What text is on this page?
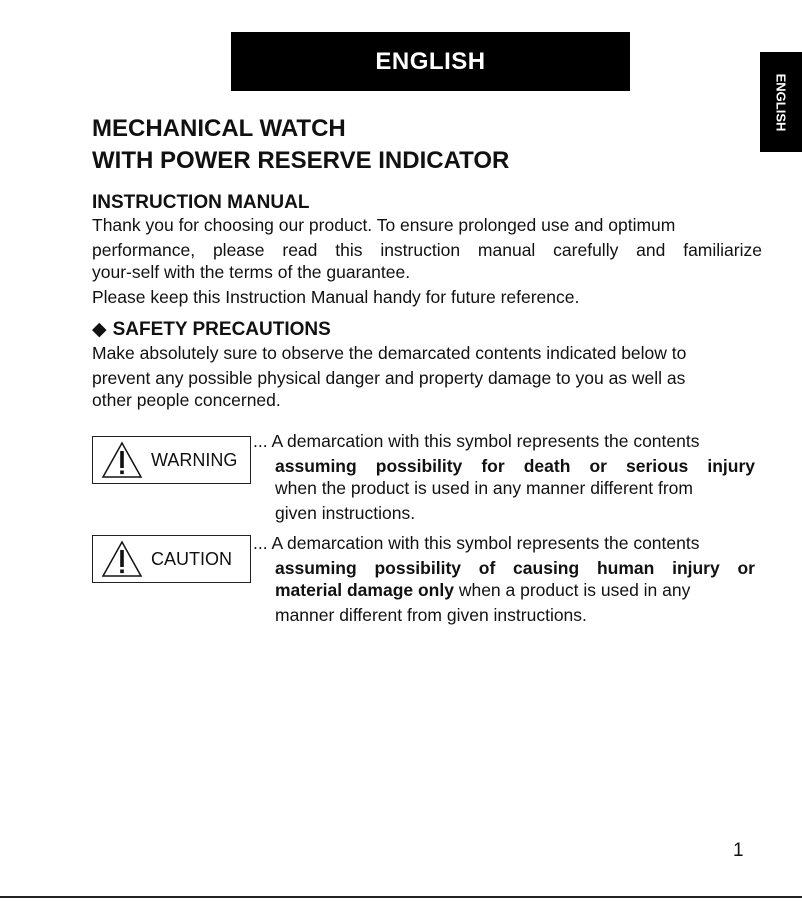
ENGLISH
ENGLISH
MECHANICAL WATCH
WITH POWER RESERVE INDICATOR
INSTRUCTION MANUAL
Thank you for choosing our product. To ensure prolonged use and optimum
performance, please read this instruction manual carefully and familiarize
your-self with the terms of the guarantee.
Please keep this Instruction Manual handy for future reference.
◆ SAFETY PRECAUTIONS
Make absolutely sure to observe the demarcated contents indicated below to
prevent any possible physical danger and property damage to you as well as
other people concerned.
WARNING
... A demarcation with this symbol represents the contents
assuming possibility for death or serious injury
when the product is used in any manner different from
given instructions.
CAUTION
... A demarcation with this symbol represents the contents
assuming possibility of causing human injury or
material damage only when a product is used in any
manner different from given instructions.
1
